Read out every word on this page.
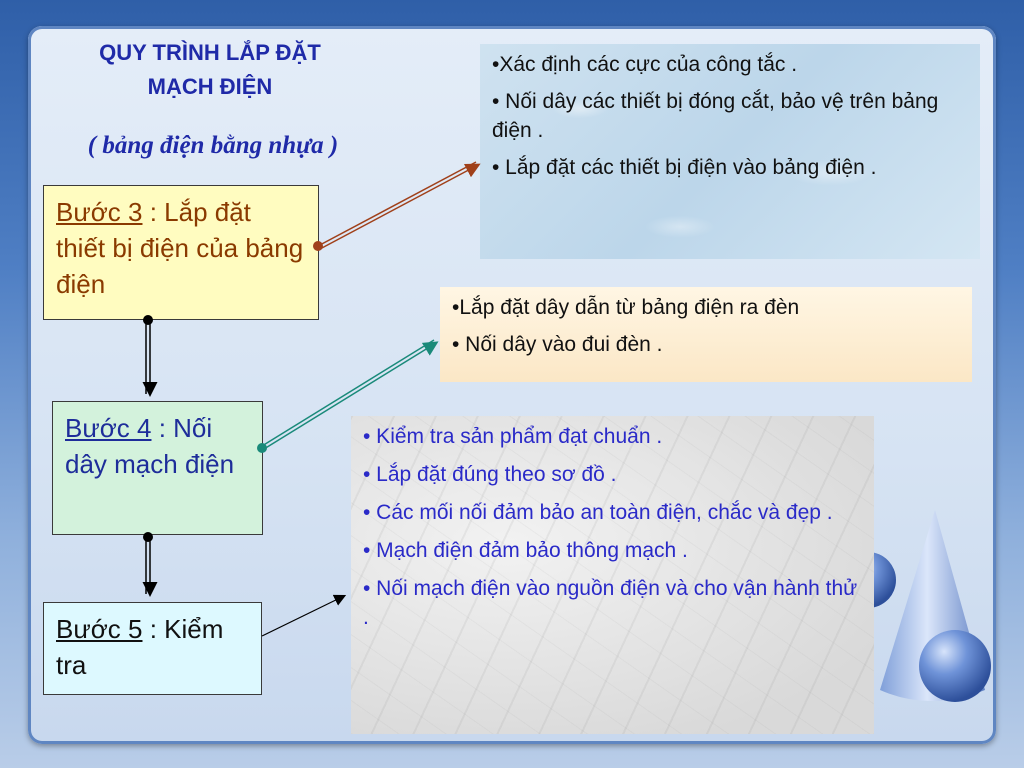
QUY TRÌNH LẮP ĐẶT
MẠCH ĐIỆN
( bảng điện bằng nhựa )
Bước 3 : Lắp đặt thiết bị điện của bảng điện
Bước 4 : Nối dây mạch điện
Bước 5 : Kiểm tra

•Xác định các cực của công tắc .

• Nối dây các thiết bị đóng cắt, bảo vệ trên bảng điện .

• Lắp đặt các thiết bị điện vào bảng điện .

•Lắp đặt dây dẫn từ bảng điện ra đèn

• Nối dây vào đui đèn .

• Kiểm tra sản phẩm đạt chuẩn .

• Lắp đặt đúng theo sơ đồ .

• Các mối nối đảm bảo an toàn điện, chắc và đẹp .

• Mạch điện đảm bảo thông mạch .

• Nối mạch điện vào nguồn điện và cho vận hành thử .
